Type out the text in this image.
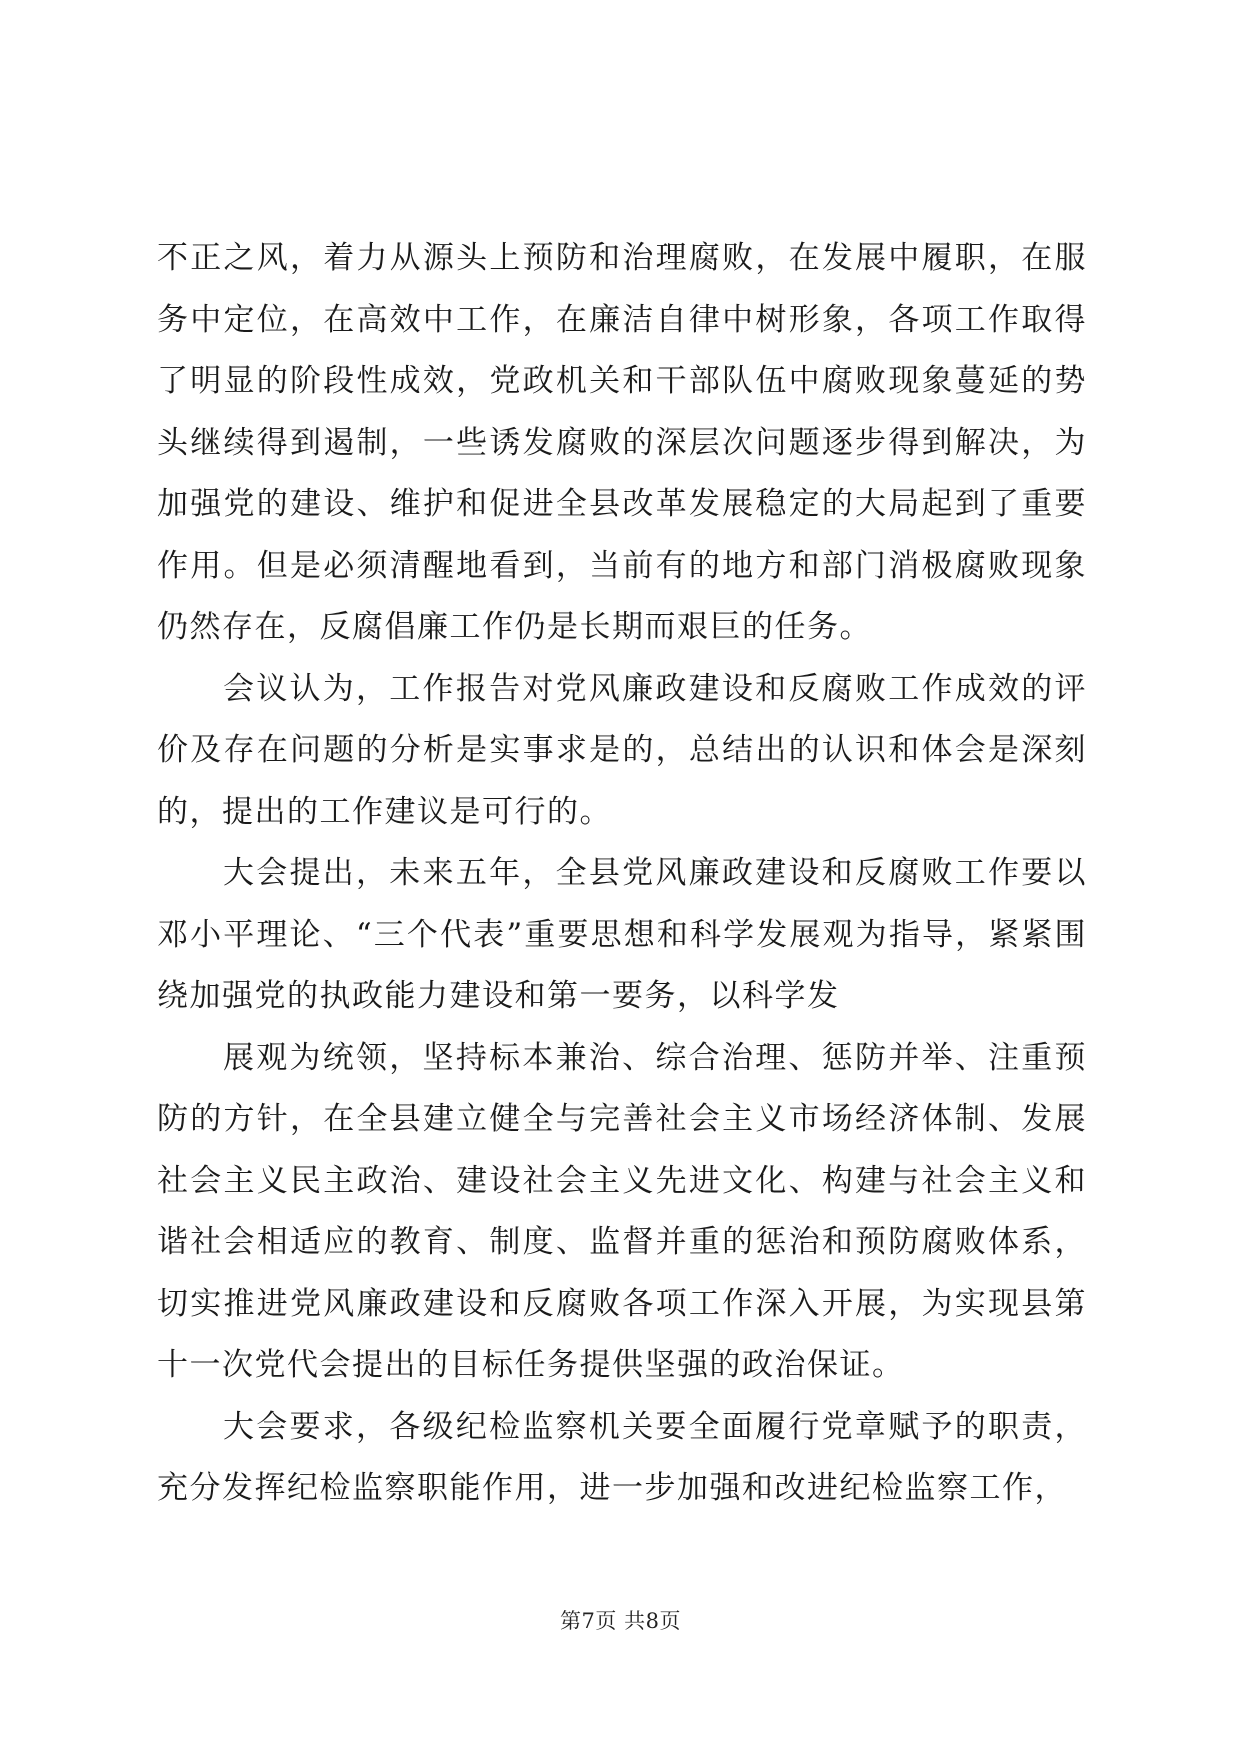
不正之风，着力从源头上预防和治理腐败，在发展中履职，在服务中定位，在高效中工作，在廉洁自律中树形象，各项工作取得了明显的阶段性成效，党政机关和干部队伍中腐败现象蔓延的势头继续得到遏制，一些诱发腐败的深层次问题逐步得到解决，为加强党的建设、维护和促进全县改革发展稳定的大局起到了重要作用。但是必须清醒地看到，当前有的地方和部门消极腐败现象仍然存在，反腐倡廉工作仍是长期而艰巨的任务。

会议认为，工作报告对党风廉政建设和反腐败工作成效的评价及存在问题的分析是实事求是的，总结出的认识和体会是深刻的，提出的工作建议是可行的。

大会提出，未来五年，全县党风廉政建设和反腐败工作要以邓小平理论、“三个代表”重要思想和科学发展观为指导，紧紧围绕加强党的执政能力建设和第一要务，以科学发

展观为统领，坚持标本兼治、综合治理、惩防并举、注重预防的方针，在全县建立健全与完善社会主义市场经济体制、发展社会主义民主政治、建设社会主义先进文化、构建与社会主义和谐社会相适应的教育、制度、监督并重的惩治和预防腐败体系，切实推进党风廉政建设和反腐败各项工作深入开展，为实现县第十一次党代会提出的目标任务提供坚强的政治保证。

大会要求，各级纪检监察机关要全面履行党章赋予的职责，充分发挥纪检监察职能作用，进一步加强和改进纪检监察工作，

第7页 共8页
